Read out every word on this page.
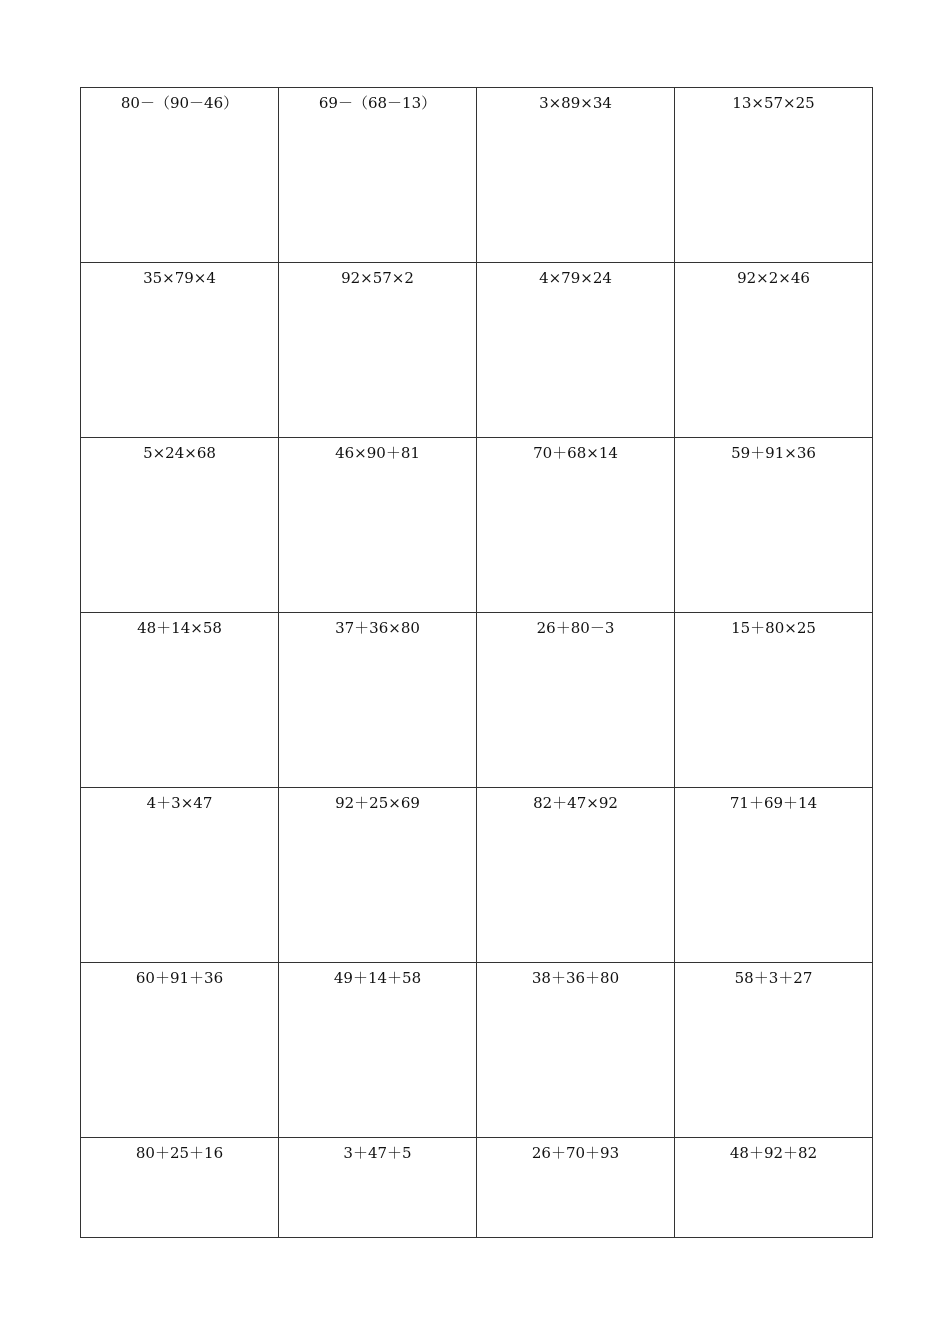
80－（90－46）	69－（68－13）	3×89×34	13×57×25

35×79×4	92×57×2	4×79×24	92×2×46

5×24×68	46×90＋81	70＋68×14	59＋91×36

48＋14×58	37＋36×80	26＋80－3	15＋80×25

4＋3×47	92＋25×69	82＋47×92	71＋69＋14

60＋91＋36	49＋14＋58	38＋36＋80	58＋3＋27

80＋25＋16	3＋47＋5	26＋70＋93	48＋92＋82
